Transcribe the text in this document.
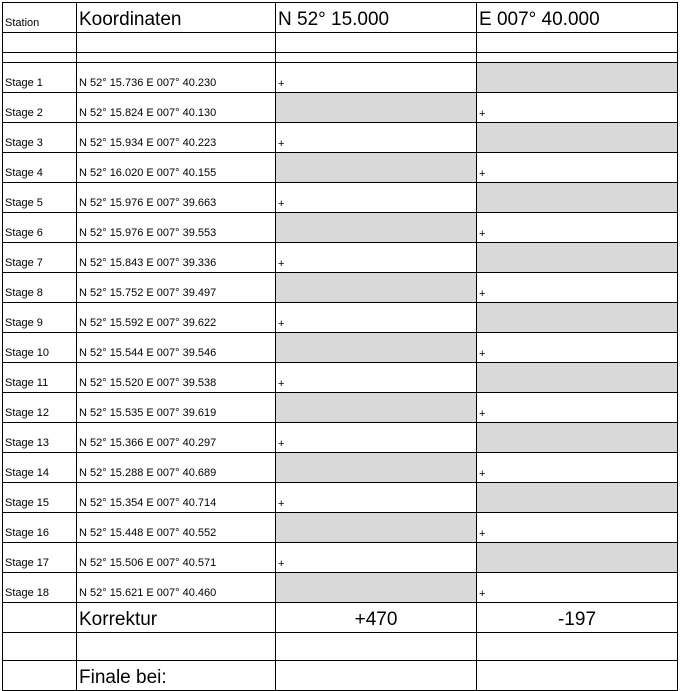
Station	Koordinaten	N 52° 15.000	E 007° 40.000

Stage 1	N 52° 15.736 E 007° 40.230	+	
Stage 2	N 52° 15.824 E 007° 40.130		+
Stage 3	N 52° 15.934 E 007° 40.223	+	
Stage 4	N 52° 16.020 E 007° 40.155		+
Stage 5	N 52° 15.976 E 007° 39.663	+	
Stage 6	N 52° 15.976 E 007° 39.553		+
Stage 7	N 52° 15.843 E 007° 39.336	+	
Stage 8	N 52° 15.752 E 007° 39.497		+
Stage 9	N 52° 15.592 E 007° 39.622	+	
Stage 10	N 52° 15.544 E 007° 39.546		+
Stage 11	N 52° 15.520 E 007° 39.538	+	
Stage 12	N 52° 15.535 E 007° 39.619		+
Stage 13	N 52° 15.366 E 007° 40.297	+	
Stage 14	N 52° 15.288 E 007° 40.689		+
Stage 15	N 52° 15.354 E 007° 40.714	+	
Stage 16	N 52° 15.448 E 007° 40.552		+
Stage 17	N 52° 15.506 E 007° 40.571	+	
Stage 18	N 52° 15.621 E 007° 40.460		+
	Korrektur	+470	-197

	Finale bei:		
